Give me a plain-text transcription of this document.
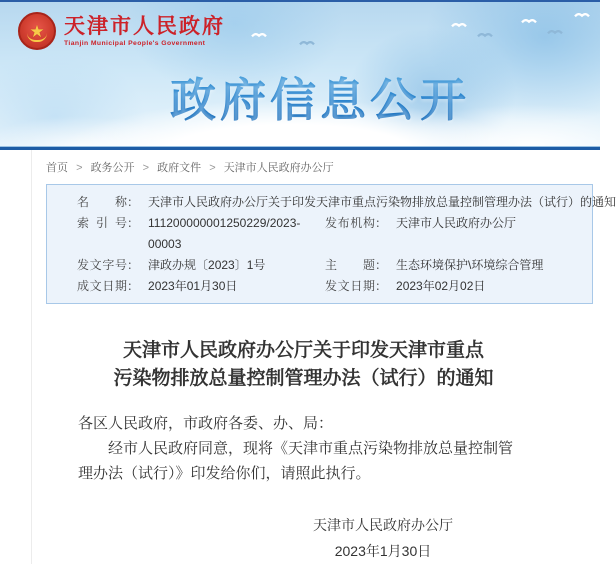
★ 天津市人民政府
Tianjin Municipal People's Government
政府信息公开
首页 > 政务公开 > 政府文件 > 天津市人民政府办公厅
名称 ： 天津市人民政府办公厅关于印发天津市重点污染物排放总量控制管理办法（试行）的通知
索引号 ： 111200000001250229/2023-00003
发布机构 ： 天津市人民政府办公厅
发文字号 ： 津政办规〔2023〕1号	主题 ： 生态环境保护\环境综合管理
成文日期 ： 2023年01月30日	发文日期 ： 2023年02月02日
天津市人民政府办公厅关于印发天津市重点
污染物排放总量控制管理办法（试行）的通知

各区人民政府，市政府各委、办、局：

经市人民政府同意，现将《天津市重点污染物排放总量控制管理办法（试行）》印发给你们，请照此执行。

天津市人民政府办公厅
2023年1月30日
